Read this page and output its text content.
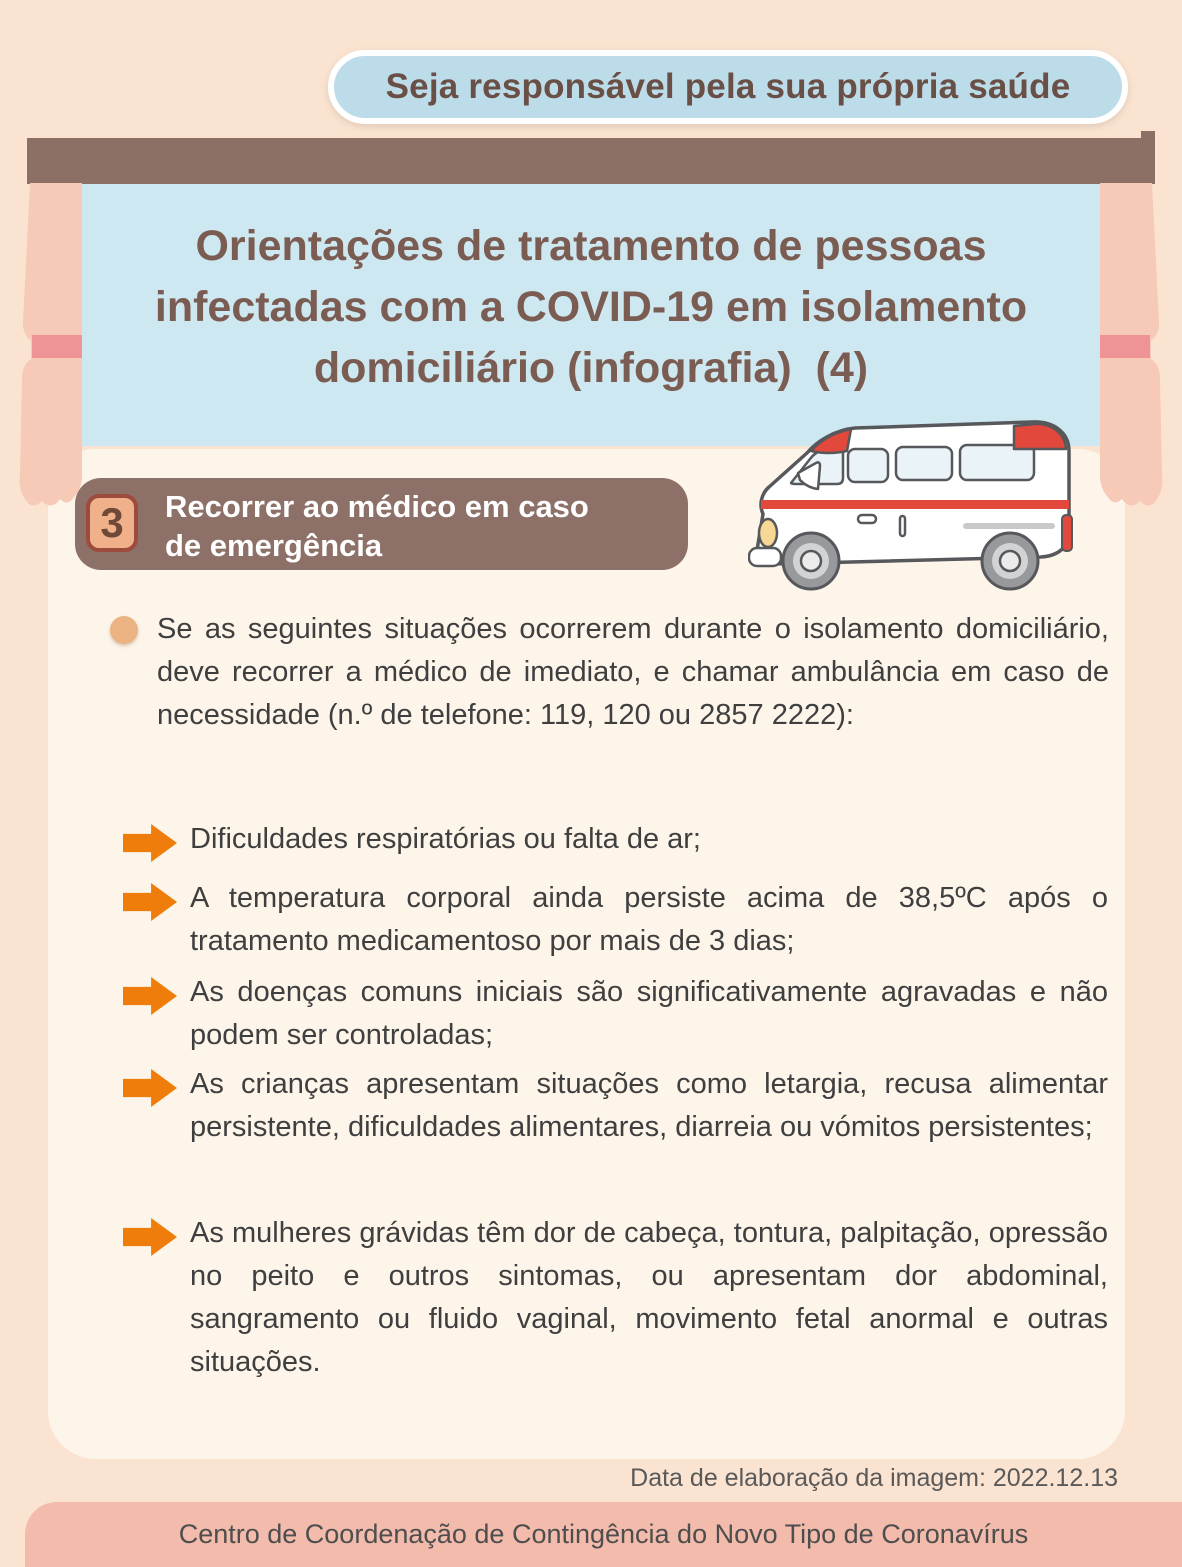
Seja responsável pela sua própria saúde
Orientações de tratamento de pessoas
infectadas com a COVID-19 em isolamento
domiciliário (infografia)  (4)
3 Recorrer ao médico em caso
de emergência
Se as seguintes situações ocorrerem durante o isolamento domiciliário, deve recorrer a médico de imediato, e chamar ambulância em caso de necessidade (n.º de telefone: 119, 120 ou 2857 2222):
Dificuldades respiratórias ou falta de ar;
A temperatura corporal ainda persiste acima de 38,5ºC após o tratamento medicamentoso por mais de 3 dias;
As doenças comuns iniciais são significativamente agravadas e não podem ser controladas;
As crianças apresentam situações como letargia, recusa alimentar persistente, dificuldades alimentares, diarreia ou vómitos persistentes;
As mulheres grávidas têm dor de cabeça, tontura, palpitação, opressão no peito e outros sintomas, ou apresentam dor abdominal, sangramento ou fluido vaginal, movimento fetal anormal e outras situações.
Data de elaboração da imagem: 2022.12.13
Centro de Coordenação de Contingência do Novo Tipo de Coronavírus
